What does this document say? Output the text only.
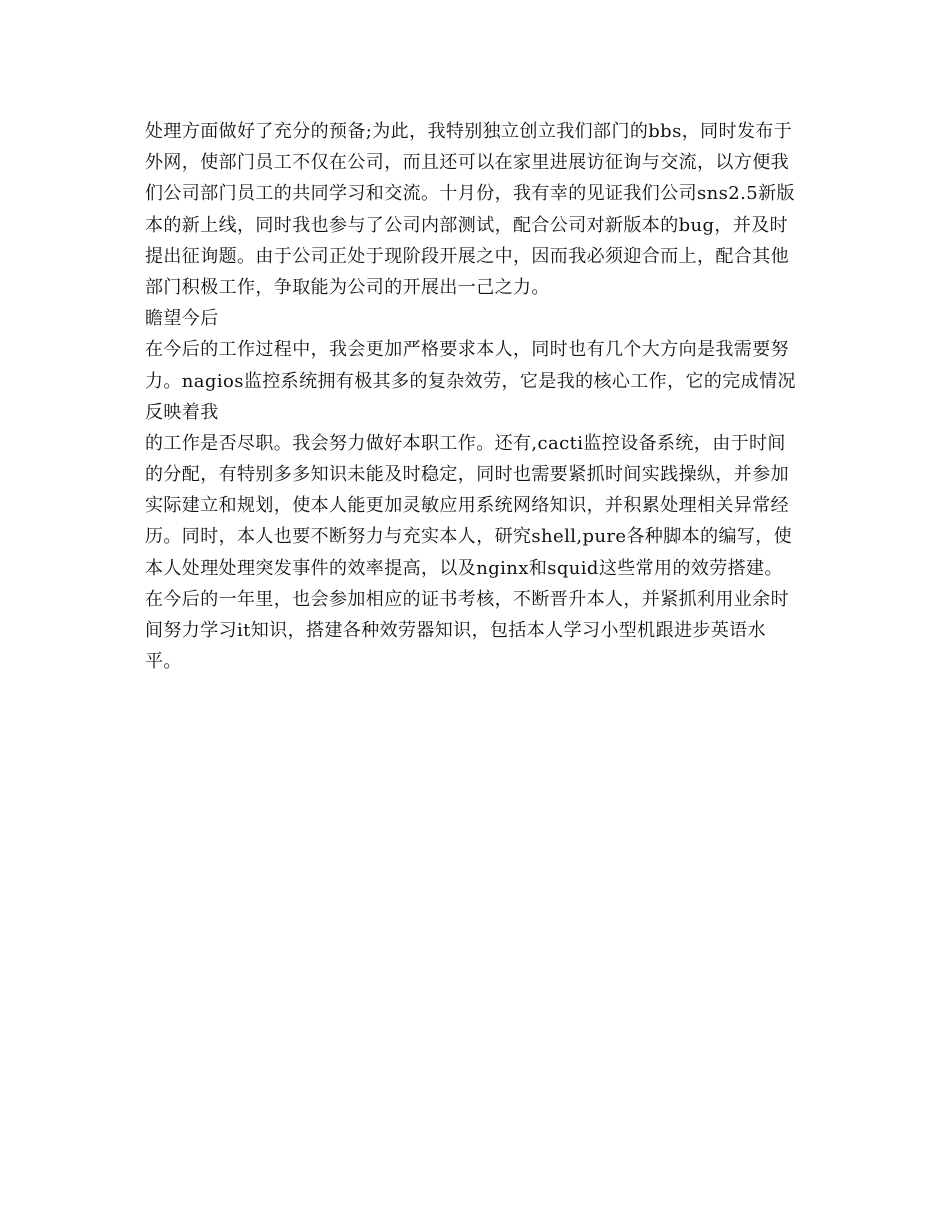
处理方面做好了充分的预备;为此，我特别独立创立我们部门的bbs，同时发布于
外网，使部门员工不仅在公司，而且还可以在家里进展访征询与交流，以方便我
们公司部门员工的共同学习和交流。十月份，我有幸的见证我们公司sns2.5新版
本的新上线，同时我也参与了公司内部测试，配合公司对新版本的bug，并及时
提出征询题。由于公司正处于现阶段开展之中，因而我必须迎合而上，配合其他
部门积极工作，争取能为公司的开展出一己之力。
瞻望今后
在今后的工作过程中，我会更加严格要求本人，同时也有几个大方向是我需要努
力。nagios监控系统拥有极其多的复杂效劳，它是我的核心工作，它的完成情况
反映着我
的工作是否尽职。我会努力做好本职工作。还有,cacti监控设备系统，由于时间
的分配，有特别多多知识未能及时稳定，同时也需要紧抓时间实践操纵，并参加
实际建立和规划，使本人能更加灵敏应用系统网络知识，并积累处理相关异常经
历。同时，本人也要不断努力与充实本人，研究shell,pure各种脚本的编写，使
本人处理处理突发事件的效率提高，以及nginx和squid这些常用的效劳搭建。
在今后的一年里，也会参加相应的证书考核，不断晋升本人，并紧抓利用业余时
间努力学习it知识，搭建各种效劳器知识，包括本人学习小型机跟进步英语水
平。
